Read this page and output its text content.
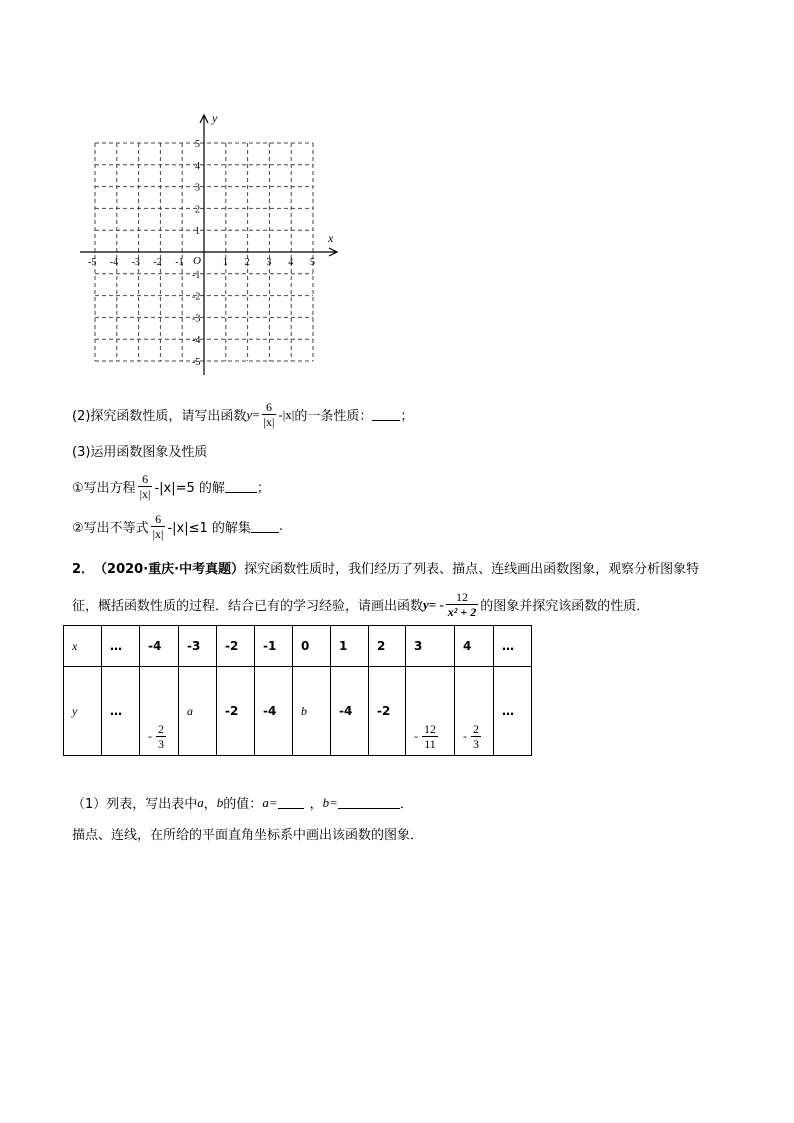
-5 -4 -3 -2 -1	1 2 3 4 5
5
4
3
2
1
-1
-2
-3
-4
-5
x
y
O
(2)探究函数性质，请写出函数 $y = \frac{6}{|x|} -|x|$ 的一条性质： ；
(3)运用函数图象及性质
①写出方程 $\frac{6}{|x|} -|x|=5$ 的解 ；
②写出不等式 $\frac{6}{|x|} -|x|\le 1$ 的解集 .
2． （2020·重庆·中考真题） 探究函数性质时，我们经历了列表、描点、连线画出函数图象，观察分析图象特
征，概括函数性质的过程．结合已有的学习经验，请画出函数 y = - $\frac{12}{\text{x² + 2}}$ 的图象并探究该函数的性质．
x	…	-4	-3	-2	-1	0	1	2	3	4	…
y	…	- $\frac{2}{3}$	a	-2	-4	b	-4	-2	- $\frac{12}{11}$	- $\frac{2}{3}$	…
（1）列表，写出表中 a ， b 的值： a= ， b=	．
描点、连线，在所给的平面直角坐标系中画出该函数的图象．
